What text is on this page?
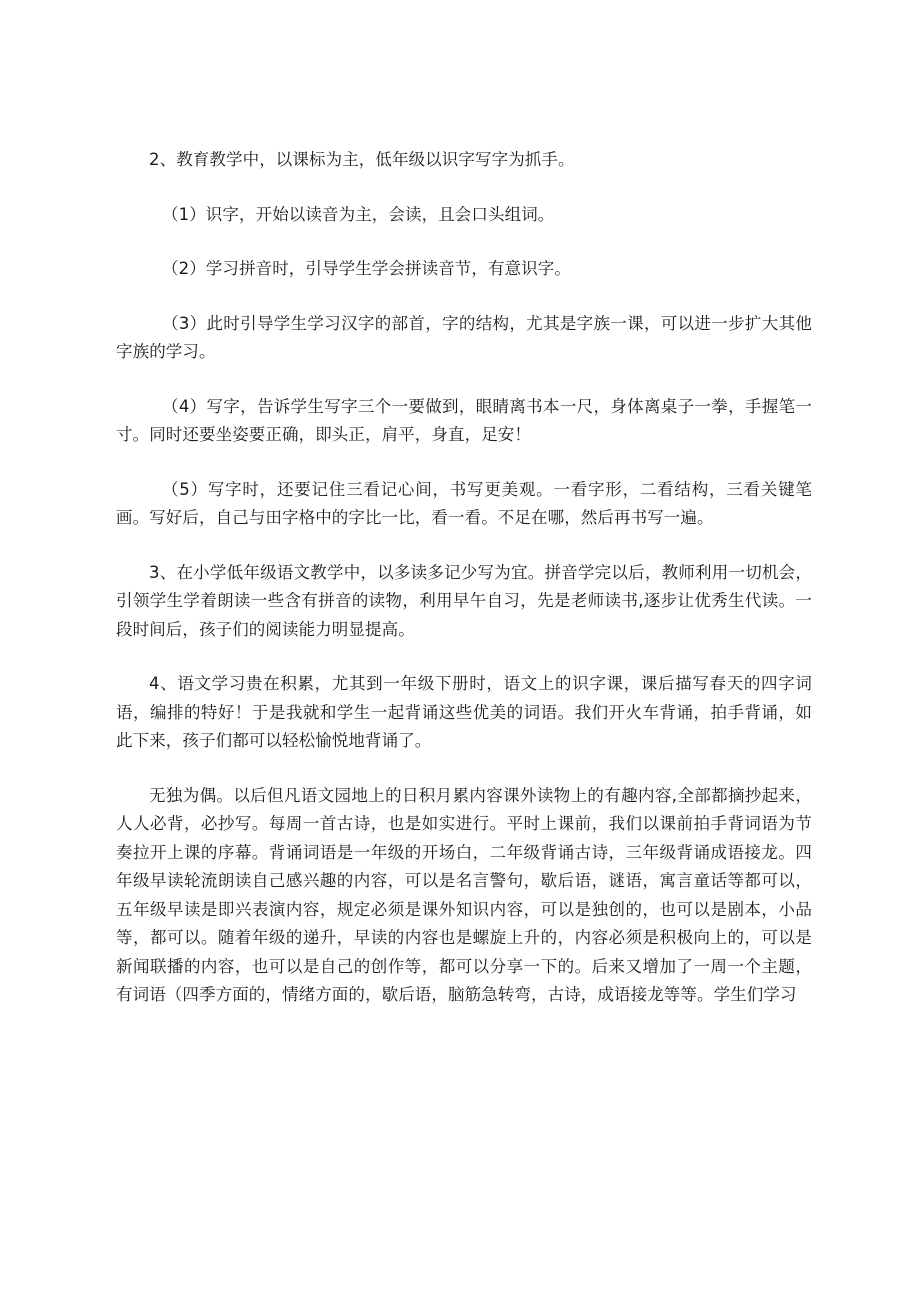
2、教育教学中，以课标为主，低年级以识字写字为抓手。

（1）识字，开始以读音为主，会读，且会口头组词。

（2）学习拼音时，引导学生学会拼读音节，有意识字。

（3）此时引导学生学习汉字的部首，字的结构，尤其是字族一课，可以进一步扩大其他字族的学习。

（4）写字，告诉学生写字三个一要做到，眼睛离书本一尺，身体离桌子一拳，手握笔一寸。同时还要坐姿要正确，即头正，肩平，身直，足安！

（5）写字时，还要记住三看记心间，书写更美观。一看字形，二看结构，三看关键笔画。写好后，自己与田字格中的字比一比，看一看。不足在哪，然后再书写一遍。

3、在小学低年级语文教学中，以多读多记少写为宜。拼音学完以后，教师利用一切机会，引领学生学着朗读一些含有拼音的读物，利用早午自习，先是老师读书,逐步让优秀生代读。一段时间后，孩子们的阅读能力明显提高。

4、语文学习贵在积累，尤其到一年级下册时，语文上的识字课，课后描写春天的四字词语，编排的特好！于是我就和学生一起背诵这些优美的词语。我们开火车背诵，拍手背诵，如此下来，孩子们都可以轻松愉悦地背诵了。

无独为偶。以后但凡语文园地上的日积月累内容课外读物上的有趣内容,全部都摘抄起来，人人必背，必抄写。每周一首古诗，也是如实进行。平时上课前，我们以课前拍手背词语为节奏拉开上课的序幕。背诵词语是一年级的开场白，二年级背诵古诗，三年级背诵成语接龙。四年级早读轮流朗读自己感兴趣的内容，可以是名言警句，歇后语，谜语，寓言童话等都可以，五年级早读是即兴表演内容，规定必须是课外知识内容，可以是独创的，也可以是剧本，小品等，都可以。随着年级的递升，早读的内容也是螺旋上升的，内容必须是积极向上的，可以是新闻联播的内容，也可以是自己的创作等，都可以分享一下的。后来又增加了一周一个主题，有词语（四季方面的，情绪方面的，歇后语，脑筋急转弯，古诗，成语接龙等等。学生们学习
